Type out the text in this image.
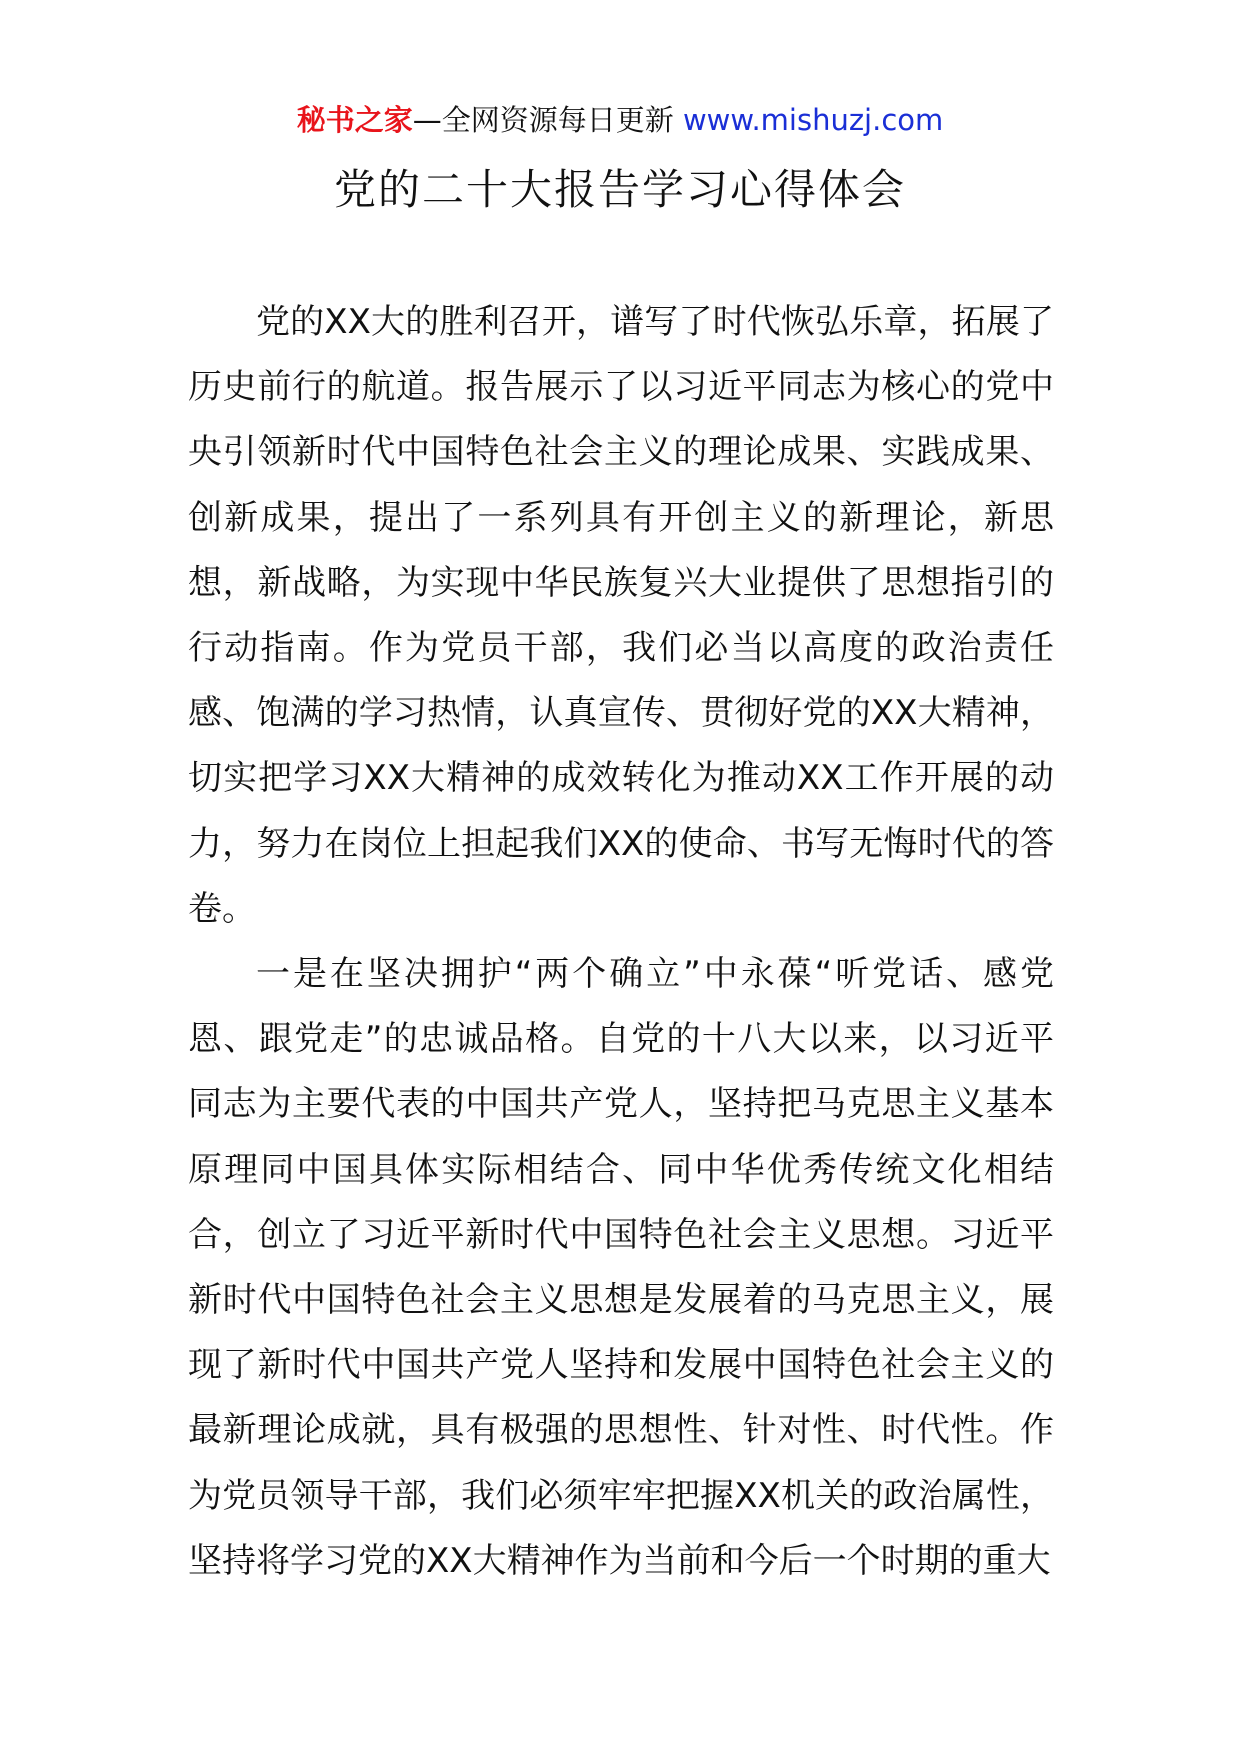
秘书之家—全网资源每日更新 www.mishuzj.com
党的二十大报告学习心得体会

党的XX大的胜利召开，谱写了时代恢弘乐章，拓展了历史前行的航道。报告展示了以习近平同志为核心的党中央引领新时代中国特色社会主义的理论成果、实践成果、创新成果，提出了一系列具有开创主义的新理论，新思想，新战略，为实现中华民族复兴大业提供了思想指引的行动指南。作为党员干部，我们必当以高度的政治责任感、饱满的学习热情，认真宣传、贯彻好党的XX大精神，切实把学习XX大精神的成效转化为推动XX工作开展的动力，努力在岗位上担起我们XX的使命、书写无悔时代的答卷。

一是在坚决拥护“两个确立”中永葆“听党话、感党恩、跟党走”的忠诚品格。自党的十八大以来，以习近平同志为主要代表的中国共产党人，坚持把马克思主义基本原理同中国具体实际相结合、同中华优秀传统文化相结合，创立了习近平新时代中国特色社会主义思想。习近平新时代中国特色社会主义思想是发展着的马克思主义，展现了新时代中国共产党人坚持和发展中国特色社会主义的最新理论成就，具有极强的思想性、针对性、时代性。作为党员领导干部，我们必须牢牢把握XX机关的政治属性，坚持将学习党的XX大精神作为当前和今后一个时期的重大
